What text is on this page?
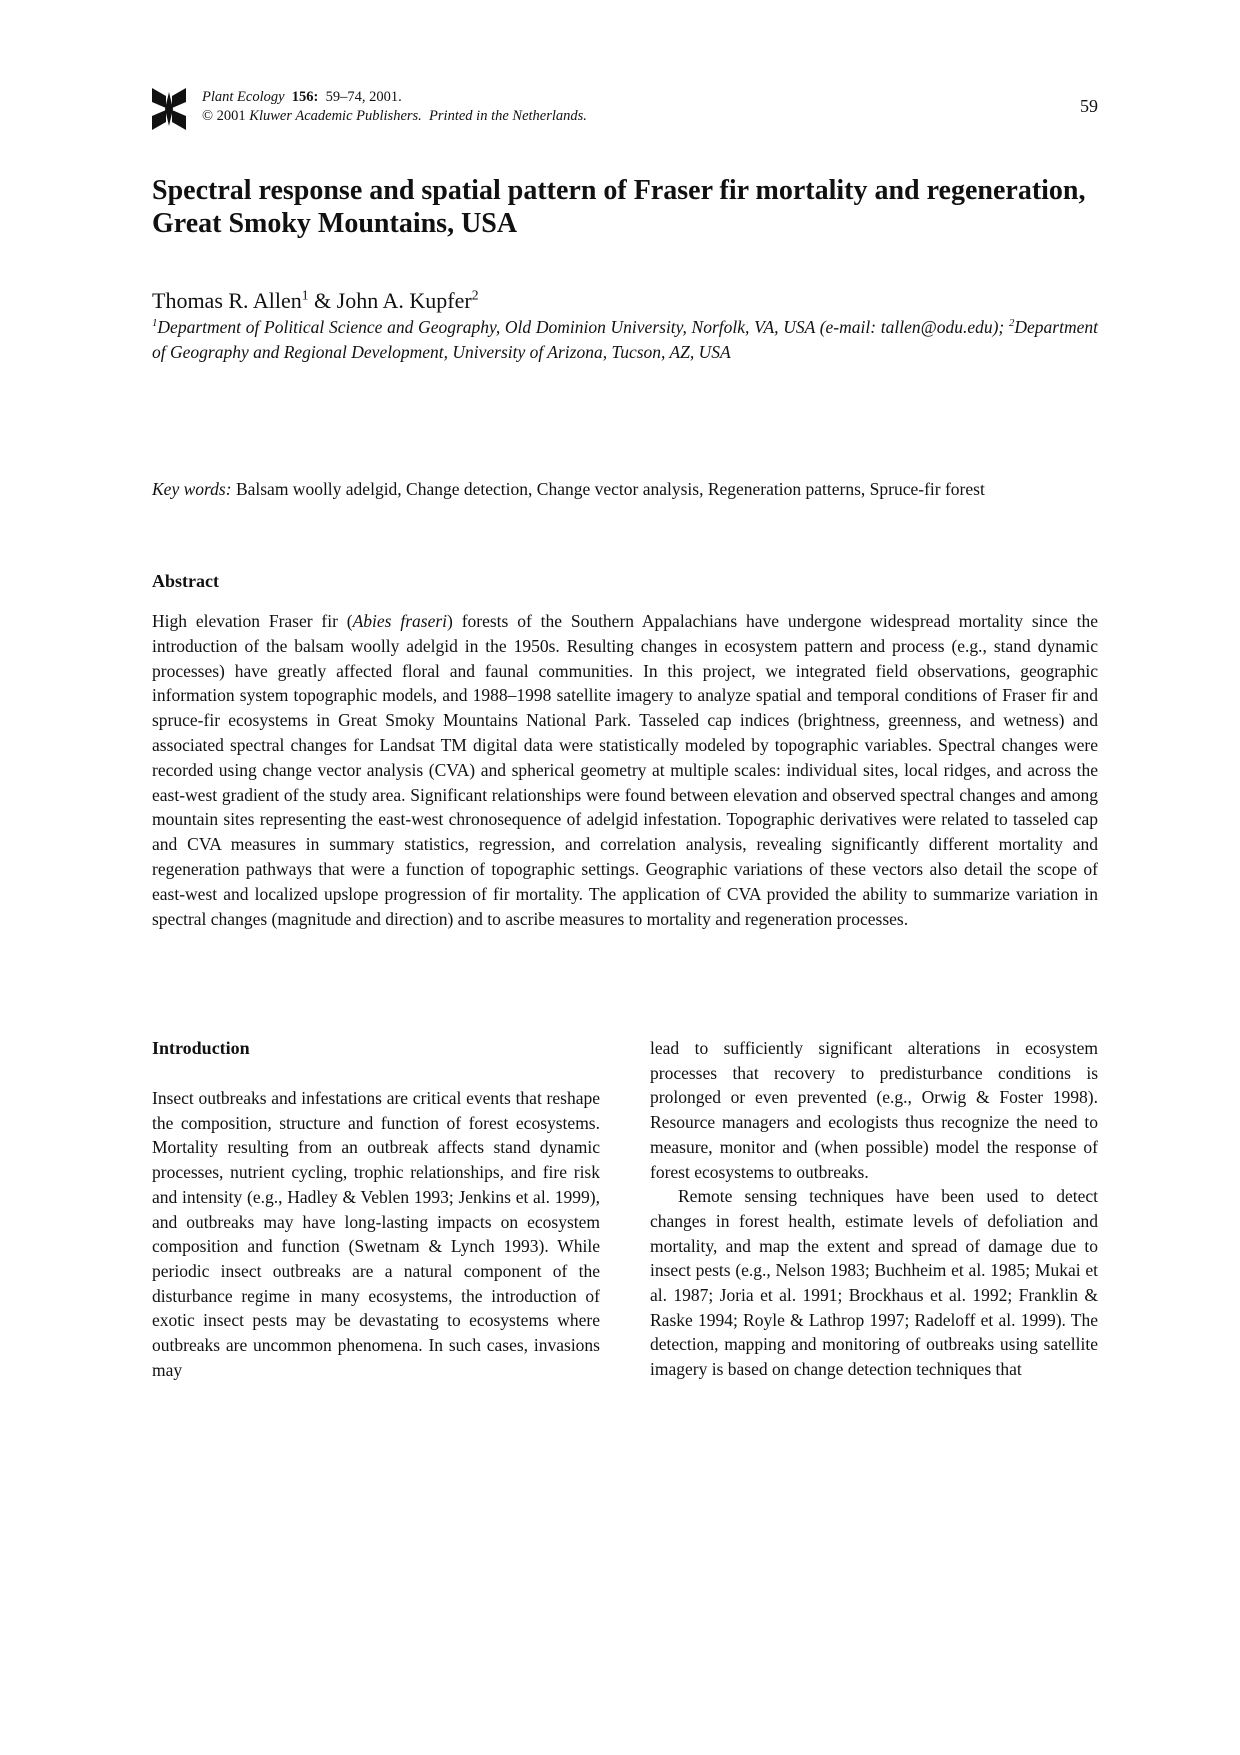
Plant Ecology 156: 59–74, 2001.
© 2001 Kluwer Academic Publishers. Printed in the Netherlands.	59
Spectral response and spatial pattern of Fraser fir mortality and regeneration, Great Smoky Mountains, USA
Thomas R. Allen$^1$ & John A. Kupfer$^2$
$^1$Department of Political Science and Geography, Old Dominion University, Norfolk, VA, USA (e-mail: tallen@odu.edu); $^2$Department of Geography and Regional Development, University of Arizona, Tucson, AZ, USA
Key words: Balsam woolly adelgid, Change detection, Change vector analysis, Regeneration patterns, Spruce-fir forest
Abstract

High elevation Fraser fir (Abies fraseri) forests of the Southern Appalachians have undergone widespread mortality since the introduction of the balsam woolly adelgid in the 1950s. Resulting changes in ecosystem pattern and process (e.g., stand dynamic processes) have greatly affected floral and faunal communities. In this project, we integrated field observations, geographic information system topographic models, and 1988–1998 satellite imagery to analyze spatial and temporal conditions of Fraser fir and spruce-fir ecosystems in Great Smoky Mountains National Park. Tasseled cap indices (brightness, greenness, and wetness) and associated spectral changes for Landsat TM digital data were statistically modeled by topographic variables. Spectral changes were recorded using change vector analysis (CVA) and spherical geometry at multiple scales: individual sites, local ridges, and across the east-west gradient of the study area. Significant relationships were found between elevation and observed spectral changes and among mountain sites representing the east-west chronosequence of adelgid infestation. Topographic derivatives were related to tasseled cap and CVA measures in summary statistics, regression, and correlation analysis, revealing significantly different mortality and regeneration pathways that were a function of topographic settings. Geographic variations of these vectors also detail the scope of east-west and localized upslope progression of fir mortality. The application of CVA provided the ability to summarize variation in spectral changes (magnitude and direction) and to ascribe measures to mortality and regeneration processes.

Introduction

Insect outbreaks and infestations are critical events that reshape the composition, structure and function of forest ecosystems. Mortality resulting from an outbreak affects stand dynamic processes, nutrient cycling, trophic relationships, and fire risk and intensity (e.g., Hadley & Veblen 1993; Jenkins et al. 1999), and outbreaks may have long-lasting impacts on ecosystem composition and function (Swetnam & Lynch 1993). While periodic insect outbreaks are a natural component of the disturbance regime in many ecosystems, the introduction of exotic insect pests may be devastating to ecosystems where outbreaks are uncommon phenomena. In such cases, invasions may

lead to sufficiently significant alterations in ecosystem processes that recovery to predisturbance conditions is prolonged or even prevented (e.g., Orwig & Foster 1998). Resource managers and ecologists thus recognize the need to measure, monitor and (when possible) model the response of forest ecosystems to outbreaks.

Remote sensing techniques have been used to detect changes in forest health, estimate levels of defoliation and mortality, and map the extent and spread of damage due to insect pests (e.g., Nelson 1983; Buchheim et al. 1985; Mukai et al. 1987; Joria et al. 1991; Brockhaus et al. 1992; Franklin & Raske 1994; Royle & Lathrop 1997; Radeloff et al. 1999). The detection, mapping and monitoring of outbreaks using satellite imagery is based on change detection techniques that
